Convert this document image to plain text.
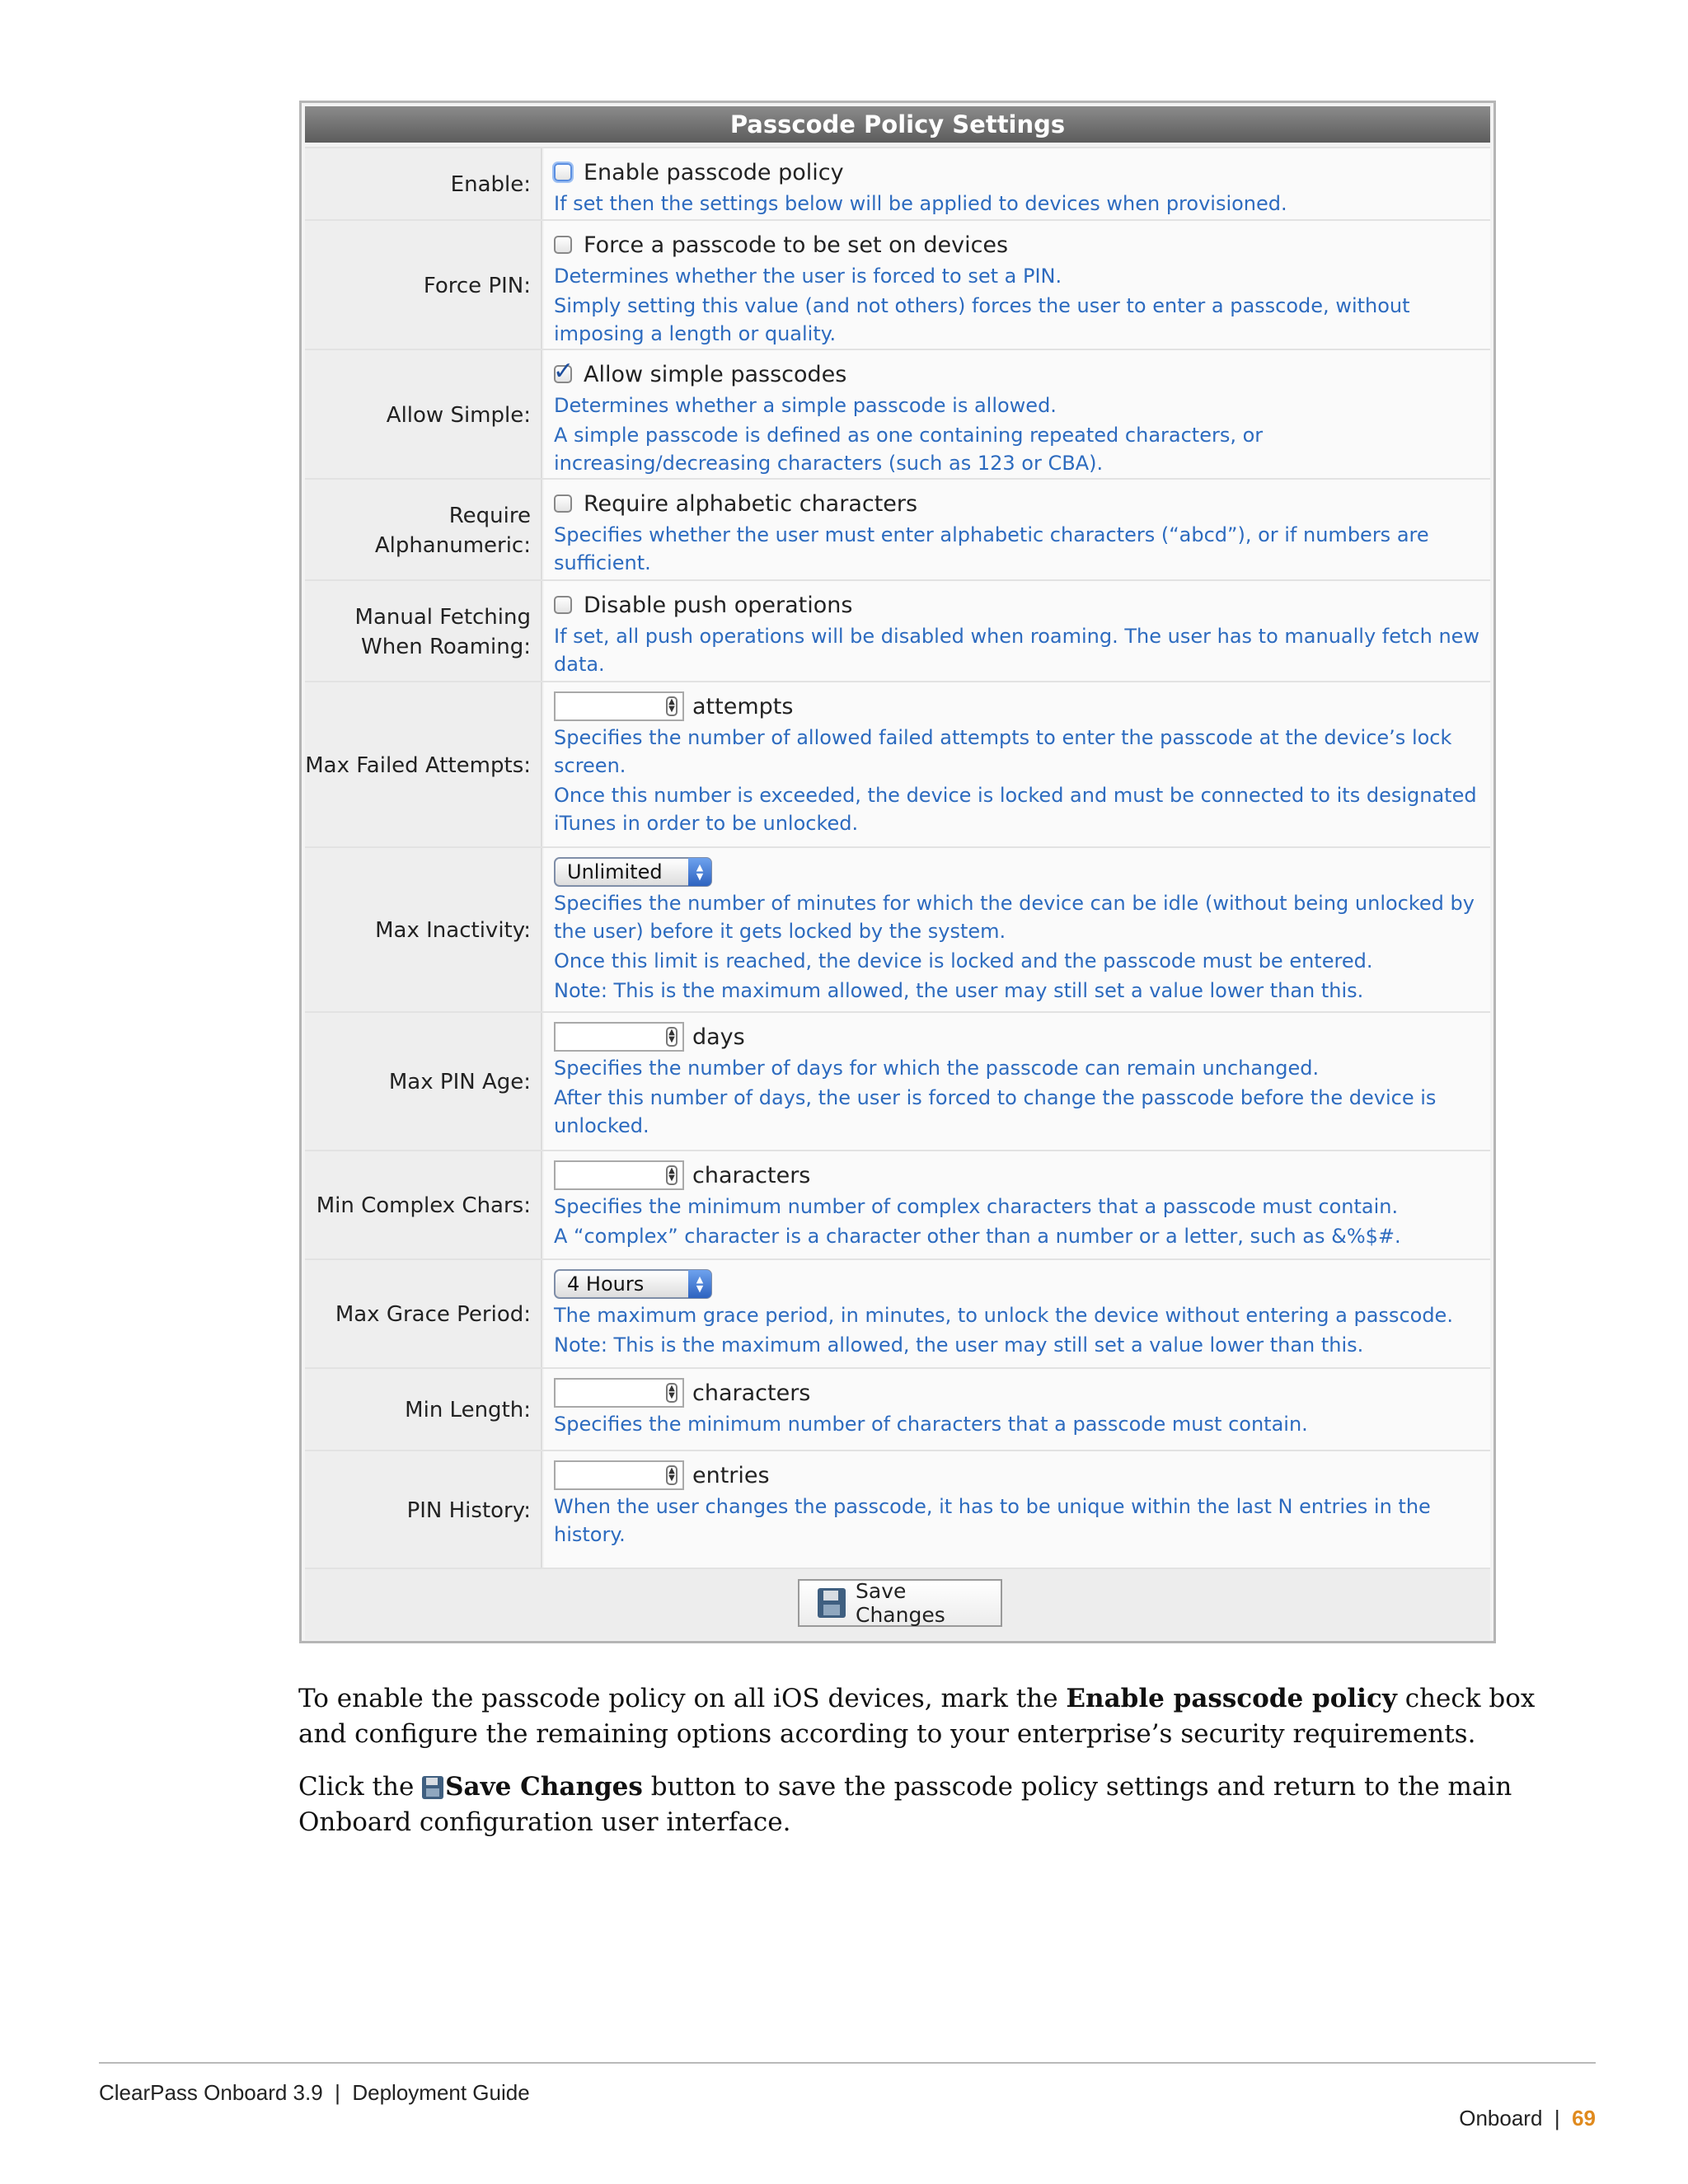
Passcode Policy Settings
Enable:	Enable passcode policy
If set then the settings below will be applied to devices when provisioned.
Force PIN:
Force a passcode to be set on devices
Determines whether the user is forced to set a PIN.
Simply setting this value (and not others) forces the user to enter a passcode, without imposing a length or quality.
Allow Simple:
✓ Allow simple passcodes
Determines whether a simple passcode is allowed.
A simple passcode is defined as one containing repeated characters, or increasing/decreasing characters (such as 123 or CBA).
Require
Alphanumeric:
Require alphabetic characters
Specifies whether the user must enter alphabetic characters (“abcd”), or if numbers are sufficient.
Manual Fetching
When Roaming:
Disable push operations
If set, all push operations will be disabled when roaming. The user has to manually fetch new data.
Max Failed Attempts:
▲
▼ attempts
Specifies the number of allowed failed attempts to enter the passcode at the device’s lock screen.
Once this number is exceeded, the device is locked and must be connected to its designated iTunes in order to be unlocked.
Max Inactivity:
Unlimited	▲
▼
Specifies the number of minutes for which the device can be idle (without being unlocked by the user) before it gets locked by the system.
Once this limit is reached, the device is locked and the passcode must be entered.
Note: This is the maximum allowed, the user may still set a value lower than this.
Max PIN Age:
▲
▼ days
Specifies the number of days for which the passcode can remain unchanged.
After this number of days, the user is forced to change the passcode before the device is unlocked.
Min Complex Chars:
▲
▼ characters
Specifies the minimum number of complex characters that a passcode must contain.
A “complex” character is a character other than a number or a letter, such as &%$#.
Max Grace Period:
4 Hours	▲
▼
The maximum grace period, in minutes, to unlock the device without entering a passcode.
Note: This is the maximum allowed, the user may still set a value lower than this.
Min Length:
▲
▼ characters
Specifies the minimum number of characters that a passcode must contain.
PIN History:
▲
▼ entries
When the user changes the passcode, it has to be unique within the last N entries in the history.
Save Changes
To enable the passcode policy on all iOS devices, mark the Enable passcode policy check box and configure the remaining options according to your enterprise’s security requirements.
Click the Save Changes button to save the passcode policy settings and return to the main Onboard configuration user interface.
ClearPass Onboard 3.9  |  Deployment Guide

Onboard  |  69
